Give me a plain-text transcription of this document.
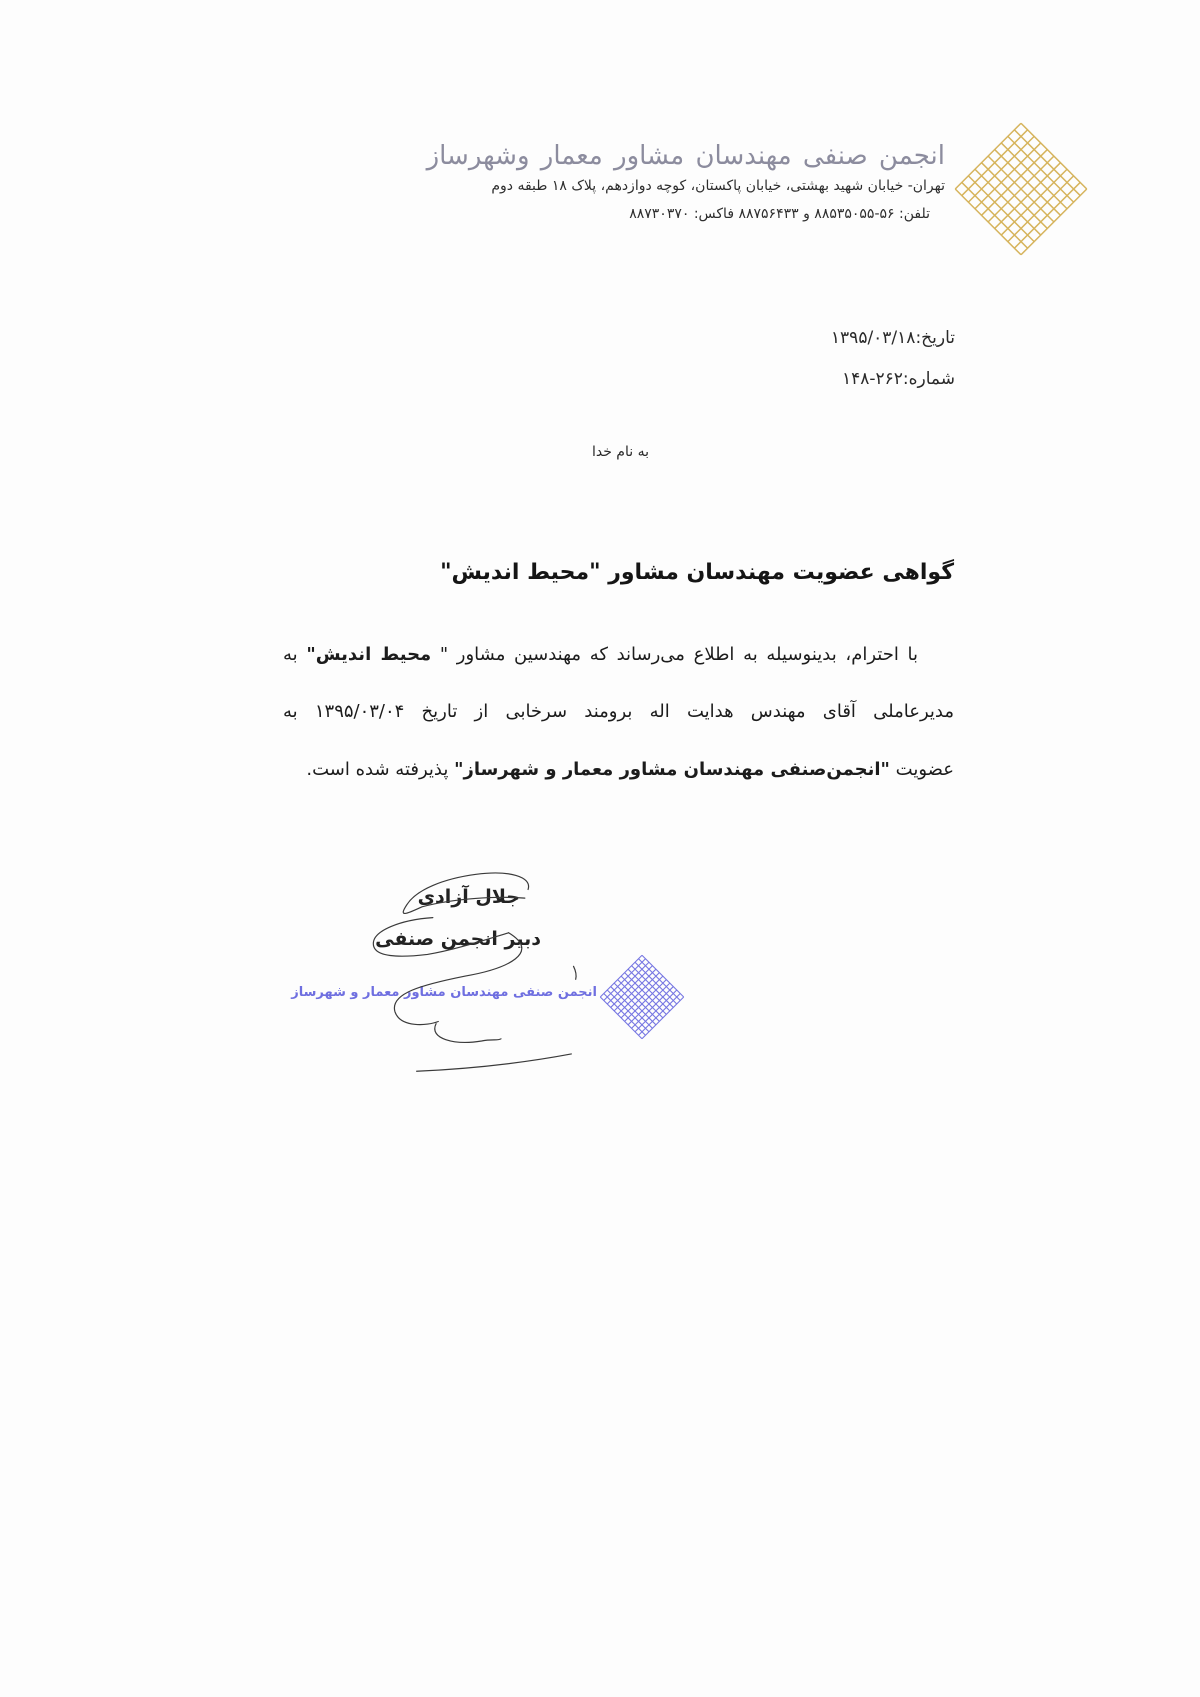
انجمن صنفی مهندسان مشاور معمار وشهرساز
تهران- خیابان شهید بهشتی، خیابان پاکستان، کوچه دوازدهم، پلاک ۱۸ طبقه دوم
تلفن: ۵۶-۸۸۵۳۵۰۵۵ و ۸۸۷۵۶۴۳۳ فاکس: ۸۸۷۳۰۳۷۰
تاریخ:۱۳۹۵/۰۳/۱۸
شماره:۲۶۲-۱۴۸
به نام خدا
گواهی عضویت مهندسان مشاور "محیط اندیش"
با احترام، بدینوسیله به اطلاع می‌رساند که مهندسین مشاور " محیط اندیش" به
مدیرعاملی آقای مهندس هدایت اله برومند سرخابی از تاریخ ۱۳۹۵/۰۳/۰۴ به
عضویت "انجمن‌صنفی مهندسان مشاور معمار و شهرساز" پذیرفته شده است.
جلال آزادی
دبیر انجمن صنفی
انجمن صنفی مهندسان مشاور معمار و شهرساز
